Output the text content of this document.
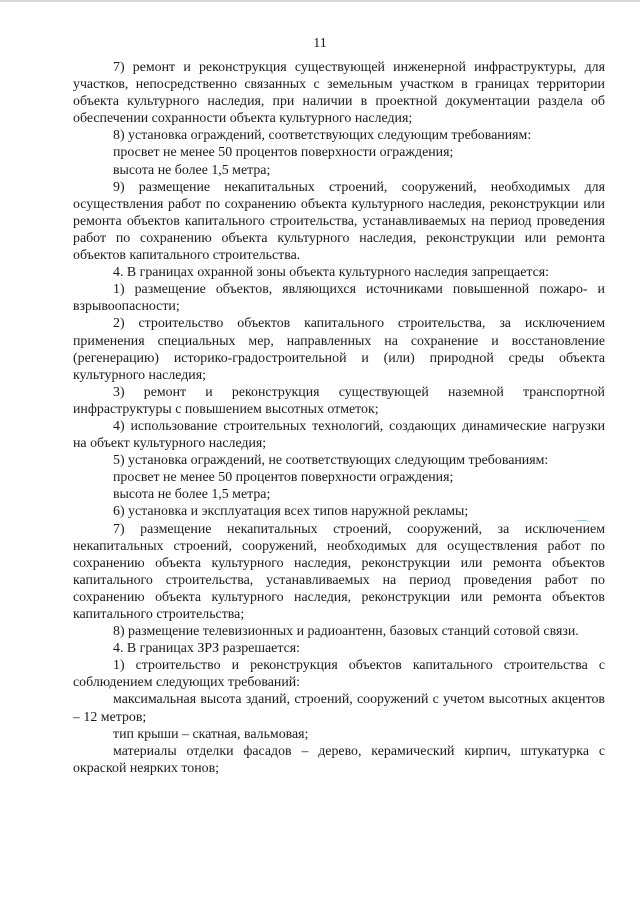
11

7) ремонт и реконструкция существующей инженерной инфраструктуры, для участков, непосредственно связанных с земельным участком в границах территории объекта культурного наследия, при наличии в проектной документации раздела об обеспечении сохранности объекта культурного наследия;

8) установка ограждений, соответствующих следующим требованиям:

просвет не менее 50 процентов поверхности ограждения;

высота не более 1,5 метра;

9) размещение некапитальных строений, сооружений, необходимых для осуществления работ по сохранению объекта культурного наследия, реконструкции или ремонта объектов капитального строительства, устанавливаемых на период проведения работ по сохранению объекта культурного наследия, реконструкции или ремонта объектов капитального строительства.

4. В границах охранной зоны объекта культурного наследия запрещается:

1) размещение объектов, являющихся источниками повышенной пожаро- и взрывоопасности;

2) строительство объектов капитального строительства, за исключением применения специальных мер, направленных на сохранение и восстановление (регенерацию) историко-градостроительной и (или) природной среды объекта культурного наследия;

3) ремонт и реконструкция существующей наземной транспортной инфраструктуры с повышением высотных отметок;

4) использование строительных технологий, создающих динамические нагрузки на объект культурного наследия;

5) установка ограждений, не соответствующих следующим требованиям:

просвет не менее 50 процентов поверхности ограждения;

высота не более 1,5 метра;

6) установка и эксплуатация всех типов наружной рекламы;

7) размещение некапитальных строений, сооружений, за исключением некапитальных строений, сооружений, необходимых для осуществления работ по сохранению объекта культурного наследия, реконструкции или ремонта объектов капитального строительства, устанавливаемых на период проведения работ по сохранению объекта культурного наследия, реконструкции или ремонта объектов капитального строительства;

8) размещение телевизионных и радиоантенн, базовых станций сотовой связи.

4. В границах ЗРЗ разрешается:

1) строительство и реконструкция объектов капитального строительства с соблюдением следующих требований:

максимальная высота зданий, строений, сооружений с учетом высотных акцентов – 12 метров;

тип крыши – скатная, вальмовая;

материалы отделки фасадов – дерево, керамический кирпич, штукатурка с окраской неярких тонов;
